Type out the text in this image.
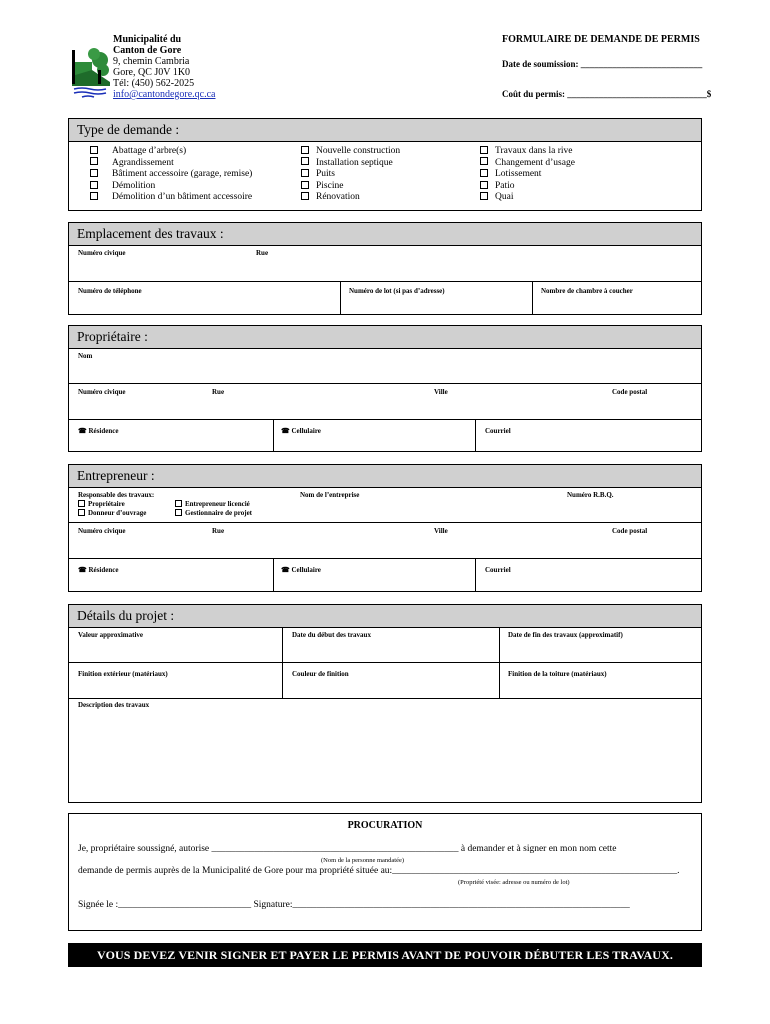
Municipalité du
Canton de Gore
9, chemin Cambria
Gore, QC J0V 1K0
Tél: (450) 562-2025
info@cantondegore.qc.ca
FORMULAIRE DE DEMANDE DE PERMIS
Date de soumission: ___________________________
Coût du permis: _______________________________$
Type de demande :
Abattage d’arbre(s)
Agrandissement
Bâtiment accessoire (garage, remise)
Démolition
Démolition d’un bâtiment accessoire
Nouvelle construction
Installation septique
Puits
Piscine
Rénovation
Travaux dans la rive
Changement d’usage
Lotissement
Patio
Quai
Emplacement des travaux :
Numéro civique	Rue
Numéro de téléphone	Numéro de lot (si pas d’adresse)	Nombre de chambre à coucher
Propriétaire :
Nom
Numéro civique	Rue	Ville	Code postal
☎ Résidence	☎ Cellulaire	Courriel
Entrepreneur :
Responsable des travaux:
Propriétaire
Donneur d’ouvrage
Entrepreneur licencié
Gestionnaire de projet
Nom de l’entreprise	Numéro R.B.Q.
Numéro civique	Rue	Ville	Code postal
☎ Résidence	☎ Cellulaire	Courriel
Détails du projet :
Valeur approximative	Date du début des travaux	Date de fin des travaux (approximatif)
Finition extérieur (matériaux)	Couleur de finition	Finition de la toiture (matériaux)
Description des travaux
PROCURATION
Je, propriétaire soussigné, autorise ____________________________________________________ à demander et à signer en mon nom cette
(Nom de la personne mandatée)
demande de permis auprès de la Municipalité de Gore pour ma propriété située au:____________________________________________________________.
(Propriété visée: adresse ou numéro de lot)
Signée le :____________________________ Signature:_______________________________________________________________________
VOUS DEVEZ VENIR SIGNER ET PAYER LE PERMIS AVANT DE POUVOIR DÉBUTER LES TRAVAUX.
